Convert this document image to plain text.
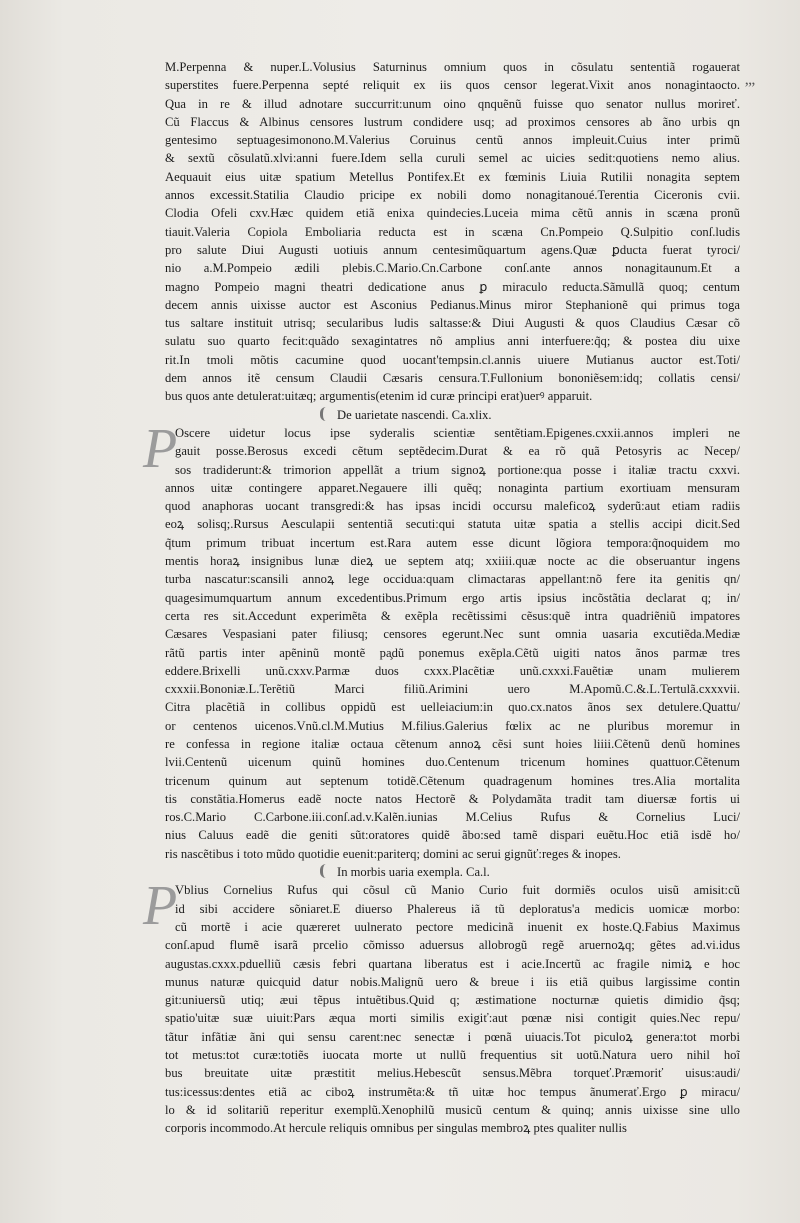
ʼʼʼ
M.Perpenna & nuper.L.Volusius Saturninus omnium quos in cõsulatu sententiã rogauerat
superstites fuere.Perpenna septé reliquit ex iis quos censor legerat.Vixit anos nonagintaocto.
Qua in re & illud adnotare succurrit:unum oino qnquẽnũ fuisse quo senator nullus morireť.
Cũ Flaccus & Albinus censores lustrum condidere usq; ad proximos censores ab ãno urbis qn
gentesimo septuagesimonono.M.Valerius Coruinus centũ annos impleuit.Cuius inter primũ
& sextũ cõsulatũ.xlvi:anni fuere.Idem sella curuli semel ac uicies sedit:quotiens nemo alius.
Aequauit eius uitæ spatium Metellus Pontifex.Et ex fœminis Liuia Rutilii nonagita septem
annos excessit.Statilia Claudio pricipe ex nobili domo nonagitanoué.Terentia Ciceronis cvii.
Clodia Ofeli cxv.Hæc quidem etiã enixa quindecies.Luceia mima cẽtũ annis in scæna pronũ
tiauit.Valeria Copiola Emboliaria reducta est in scæna Cn.Pompeio Q.Sulpitio conſ.ludis
pro salute Diui Augusti uotiuis annum centesimũquartum agens.Quæ ꝑducta fuerat tyroci/
nio a.M.Pompeio ædili plebis.C.Mario.Cn.Carbone conſ.ante annos nonagitaunum.Et a
magno Pompeio magni theatri dedicatione anus ꝑ miraculo reducta.Sãmullã quoq; centum
decem annis uixisse auctor est Asconius Pedianus.Minus miror Stephanionẽ qui primus toga
tus saltare instituit utrisq; secularibus ludis saltasse:& Diui Augusti & quos Claudius Cæsar cõ
sulatu suo quarto fecit:quãdo sexagintatres nõ amplius anni interfuere:q̃q; & postea diu uixe
rit.In tmoli mõtis cacumine quod uocant'tempsin.cl.annis uiuere Mutianus auctor est.Toti/
dem annos itẽ censum Claudii Cæsaris censura.T.Fullonium bononiẽsem:idq; collatis censi/
bus quos ante detulerat:uitæq; argumentis(etenim id curæ principi erat)uerꝰ apparuit.
De uarietate nascendi. Ca.xlix.
P
Oscere uidetur locus ipse syderalis scientiæ sentẽtiam.Epigenes.cxxii.annos impleri ne
gauit posse.Berosus excedi cẽtum septẽdecim.Durat & ea rõ quã Petosyris ac Necep/
sos tradiderunt:& trimorion appellãt a trium signoꝝ portione:qua posse i italiæ tractu cxxvi.
annos uitæ contingere apparet.Negauere illi quẽq; nonaginta partium exortiuam mensuram
quod anaphoras uocant transgredi:& has ipsas incidi occursu maleficoꝝ syderũ:aut etiam radiis
eoꝝ solisq;.Rursus Aesculapii sententiã secuti:qui statuta uitæ spatia a stellis accipi dicit.Sed
q̃tum primum tribuat incertum est.Rara autem esse dicunt lõgiora tempora:q̃noquidem mo
mentis horaꝝ insignibus lunæ dieꝝ ue septem atq; xxiiii.quæ nocte ac die obseruantur ingens
turba nascatur:scansili annoꝝ lege occidua:quam climactaras appellant:nõ fere ita genitis qn/
quagesimumquartum annum excedentibus.Primum ergo artis ipsius incõstãtia declarat q; in/
certa res sit.Accedunt experimẽta & exẽpla recẽtissimi cẽsus:quẽ intra quadriẽniũ impatores
Cæsares Vespasiani pater filiusq; censores egerunt.Nec sunt omnia uasaria excutiẽda.Mediæ
rãtũ partis inter apẽninũ montẽ pa̧dũ ponemus exẽpla.Cẽtũ uigiti natos ãnos parmæ tres
eddere.Brixelli unũ.cxxv.Parmæ duos cxxx.Placẽtiæ unũ.cxxxi.Fauẽtiæ unam mulierem
cxxxii.Bononiæ.L.Terẽtiũ Marci filiũ.Arimini uero M.Apomũ.C.&.L.Tertulã.cxxxvii.
Citra placẽtiã in collibus oppidũ est uelleiacium:in quo.cx.natos ãnos sex detulere.Quattu/
or centenos uicenos.Vnũ.cl.M.Mutius M.filius.Galerius fœlix ac ne pluribus moremur in
re confessa in regione italiæ octaua cẽtenum annoꝝ cẽsi sunt hoies liiii.Cẽtenũ denũ homines
lvii.Centenũ uicenum quinũ homines duo.Centenum tricenum homines quattuor.Cẽtenum
tricenum quinum aut septenum totidẽ.Cẽtenum quadragenum homines tres.Alia mortalita
tis constãtia.Homerus eadẽ nocte natos Hectorẽ & Polydamãta tradit tam diuersæ fortis ui
ros.C.Mario C.Carbone.iii.conſ.ad.v.Kalẽn.iunias M.Celius Rufus & Cornelius Luci/
nius Caluus eadẽ die geniti sũt:oratores quidẽ ãbo:sed tamẽ dispari euẽtu.Hoc etiã isdẽ ho/
ris nascẽtibus i toto mũdo quotidie euenit:pariterq; domini ac serui gignũť:reges & inopes.
In morbis uaria exempla. Ca.l.
P
Vblius Cornelius Rufus qui cõsul cũ Manio Curio fuit dormiẽs oculos uisũ amisit:cũ
id sibi accidere sõniaret.E diuerso Phalereus iã tũ deploratus'a medicis uomicæ morbo:
cũ mortẽ i acie quæreret uulnerato pectore medicinã inuenit ex hoste.Q.Fabius Maximus
conſ.apud flumẽ isarã prcelio cõmisso aduersus allobrogũ regẽ aruernoꝝq; gẽtes ad.vi.idus
augustas.cxxx.pduelliũ cæsis febri quartana liberatus est i acie.Incertũ ac fragile nimiꝝ e hoc
munus naturæ quicquid datur nobis.Malignũ uero & breue i iis etiã quibus largissime contin
git:uniuersũ utiq; æui tẽpus intuẽtibus.Quid q; æstimatione nocturnæ quietis dimidio q̃sq;
spatio'uitæ suæ uiuit:Pars æqua morti similis exigiť:aut pœnæ nisi contigit quies.Nec repu/
tãtur infãtiæ ãni qui sensu carent:nec senectæ i pœnã uiuacis.Tot piculoꝝ genera:tot morbi
tot metus:tot curæ:totiẽs iuocata morte ut nullũ frequentius sit uotũ.Natura uero nihil hoĩ
bus breuitate uitæ præstitit melius.Hebescũt sensus.Mẽbra torqueť.Præmoriť uisus:audi/
tus:icessus:dentes etiã ac ciboꝝ instrumẽta:& tñ uitæ hoc tempus ãnumerať.Ergo ꝑ miracu/
lo & id solitariũ reperitur exemplũ.Xenophilũ musicũ centum & quinq; annis uixisse sine ullo
corporis incommodo.At hercule reliquis omnibus per singulas membroꝝ ptes qualiter nullis
